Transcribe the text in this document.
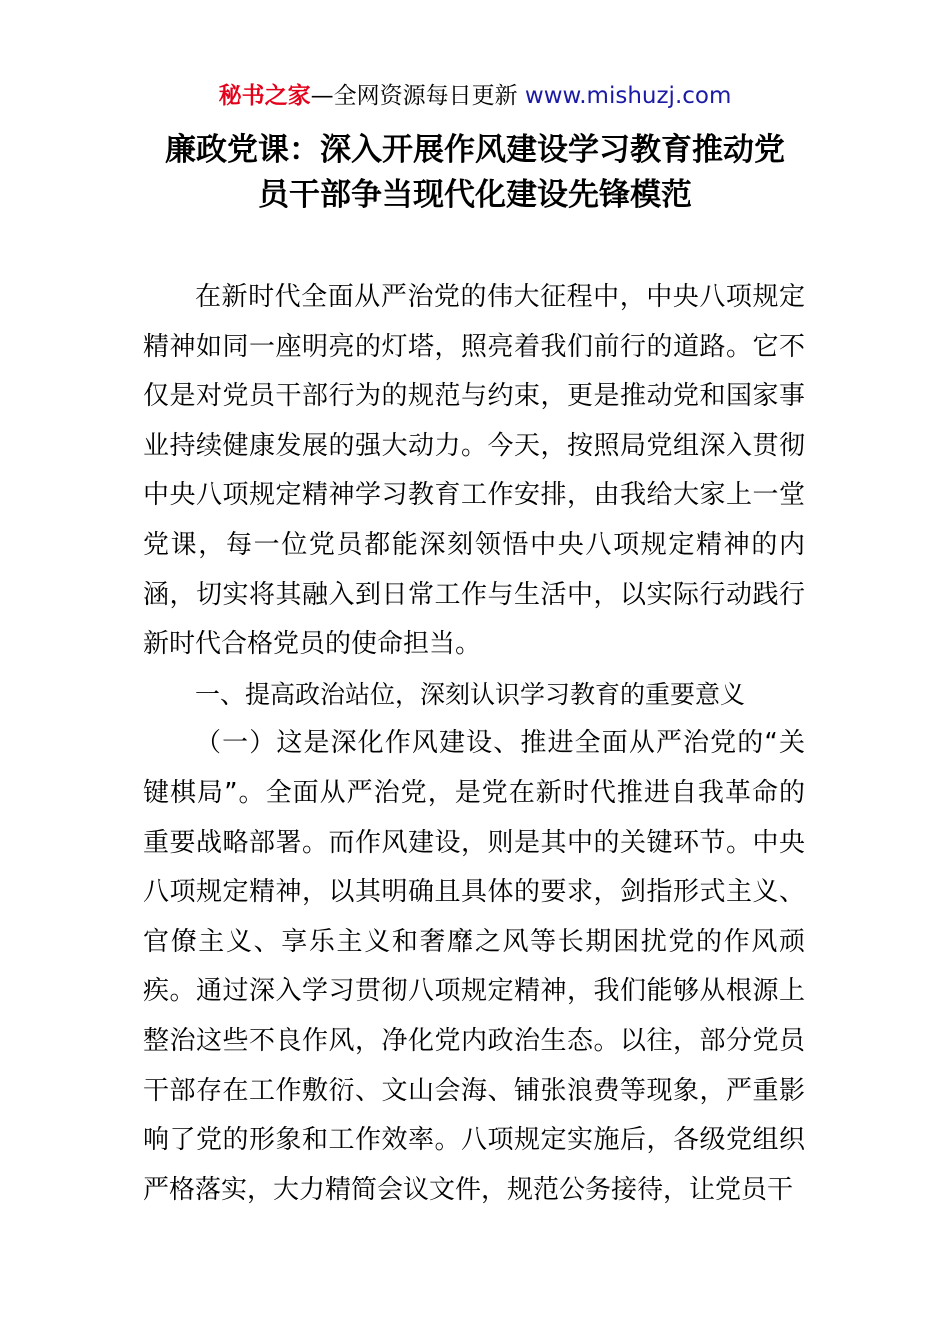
秘书之家—全网资源每日更新 www.mishuzj.com
廉政党课：深入开展作风建设学习教育推动党
员干部争当现代化建设先锋模范

在新时代全面从严治党的伟大征程中，中央八项规定精神如同一座明亮的灯塔，照亮着我们前行的道路。它不仅是对党员干部行为的规范与约束，更是推动党和国家事业持续健康发展的强大动力。今天，按照局党组深入贯彻中央八项规定精神学习教育工作安排，由我给大家上一堂党课，每一位党员都能深刻领悟中央八项规定精神的内涵，切实将其融入到日常工作与生活中，以实际行动践行新时代合格党员的使命担当。

一、提高政治站位，深刻认识学习教育的重要意义

（一）这是深化作风建设、推进全面从严治党的“关键棋局”。全面从严治党，是党在新时代推进自我革命的重要战略部署。而作风建设，则是其中的关键环节。中央八项规定精神，以其明确且具体的要求，剑指形式主义、官僚主义、享乐主义和奢靡之风等长期困扰党的作风顽疾。通过深入学习贯彻八项规定精神，我们能够从根源上整治这些不良作风，净化党内政治生态。以往，部分党员干部存在工作敷衍、文山会海、铺张浪费等现象，严重影响了党的形象和工作效率。八项规定实施后，各级党组织严格落实，大力精简会议文件，规范公务接待，让党员干
